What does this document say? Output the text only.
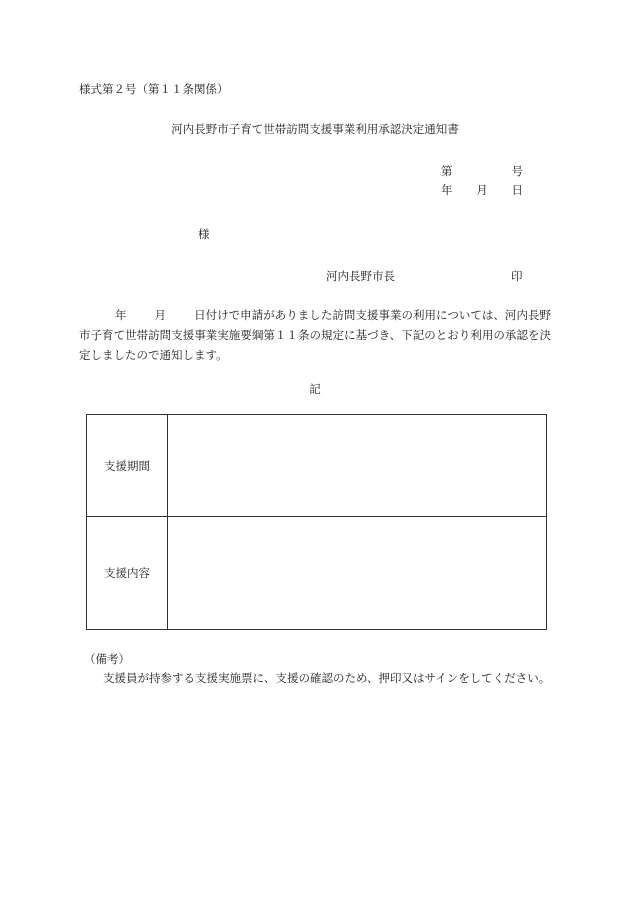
様式第２号（第１１条関係）
河内長野市子育て世帯訪問支援事業利用承認決定通知書
第	号
年 月 日
様
河内長野市長	印
年 月 日付けで申請がありました訪問支援事業の利用については、河内長野市子育て世帯訪問支援事業実施要綱第１１条の規定に基づき、下記のとおり利用の承認を決定しましたので通知します。
記
支援期間	
支援内容	
（備考）
支援員が持参する支援実施票に、支援の確認のため、押印又はサインをしてください。
